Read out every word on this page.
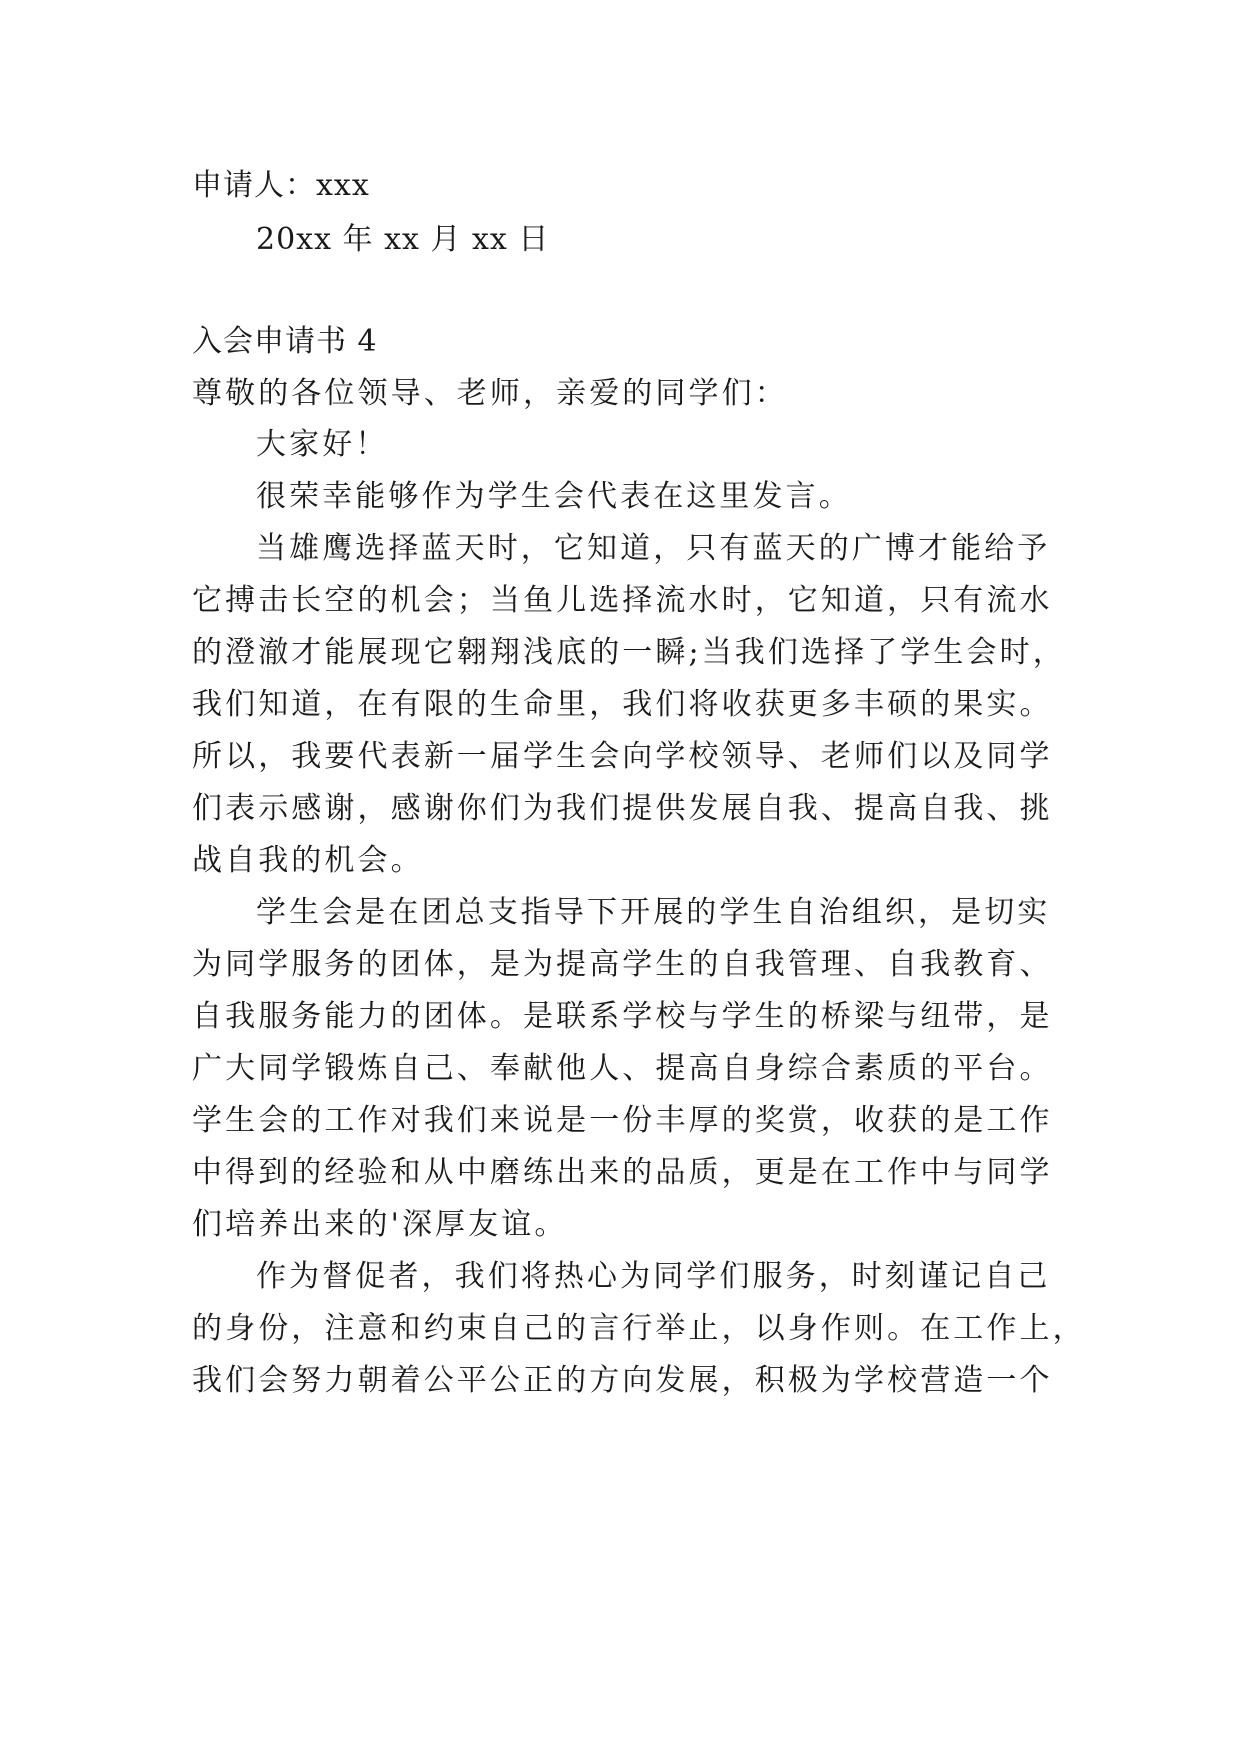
申请人：xxx
20xx 年 xx 月 xx 日
入会申请书 4
尊敬的各位领导、老师，亲爱的同学们：
大家好！
很荣幸能够作为学生会代表在这里发言。
当雄鹰选择蓝天时，它知道，只有蓝天的广博才能给予
它搏击长空的机会；当鱼儿选择流水时，它知道，只有流水
的澄澈才能展现它翱翔浅底的一瞬;当我们选择了学生会时，
我们知道，在有限的生命里，我们将收获更多丰硕的果实。
所以，我要代表新一届学生会向学校领导、老师们以及同学
们表示感谢，感谢你们为我们提供发展自我、提高自我、挑
战自我的机会。
学生会是在团总支指导下开展的学生自治组织，是切实
为同学服务的团体，是为提高学生的自我管理、自我教育、
自我服务能力的团体。是联系学校与学生的桥梁与纽带，是
广大同学锻炼自己、奉献他人、提高自身综合素质的平台。
学生会的工作对我们来说是一份丰厚的奖赏，收获的是工作
中得到的经验和从中磨练出来的品质，更是在工作中与同学
们培养出来的'深厚友谊。
作为督促者，我们将热心为同学们服务，时刻谨记自己
的身份，注意和约束自己的言行举止，以身作则。在工作上，
我们会努力朝着公平公正的方向发展，积极为学校营造一个
